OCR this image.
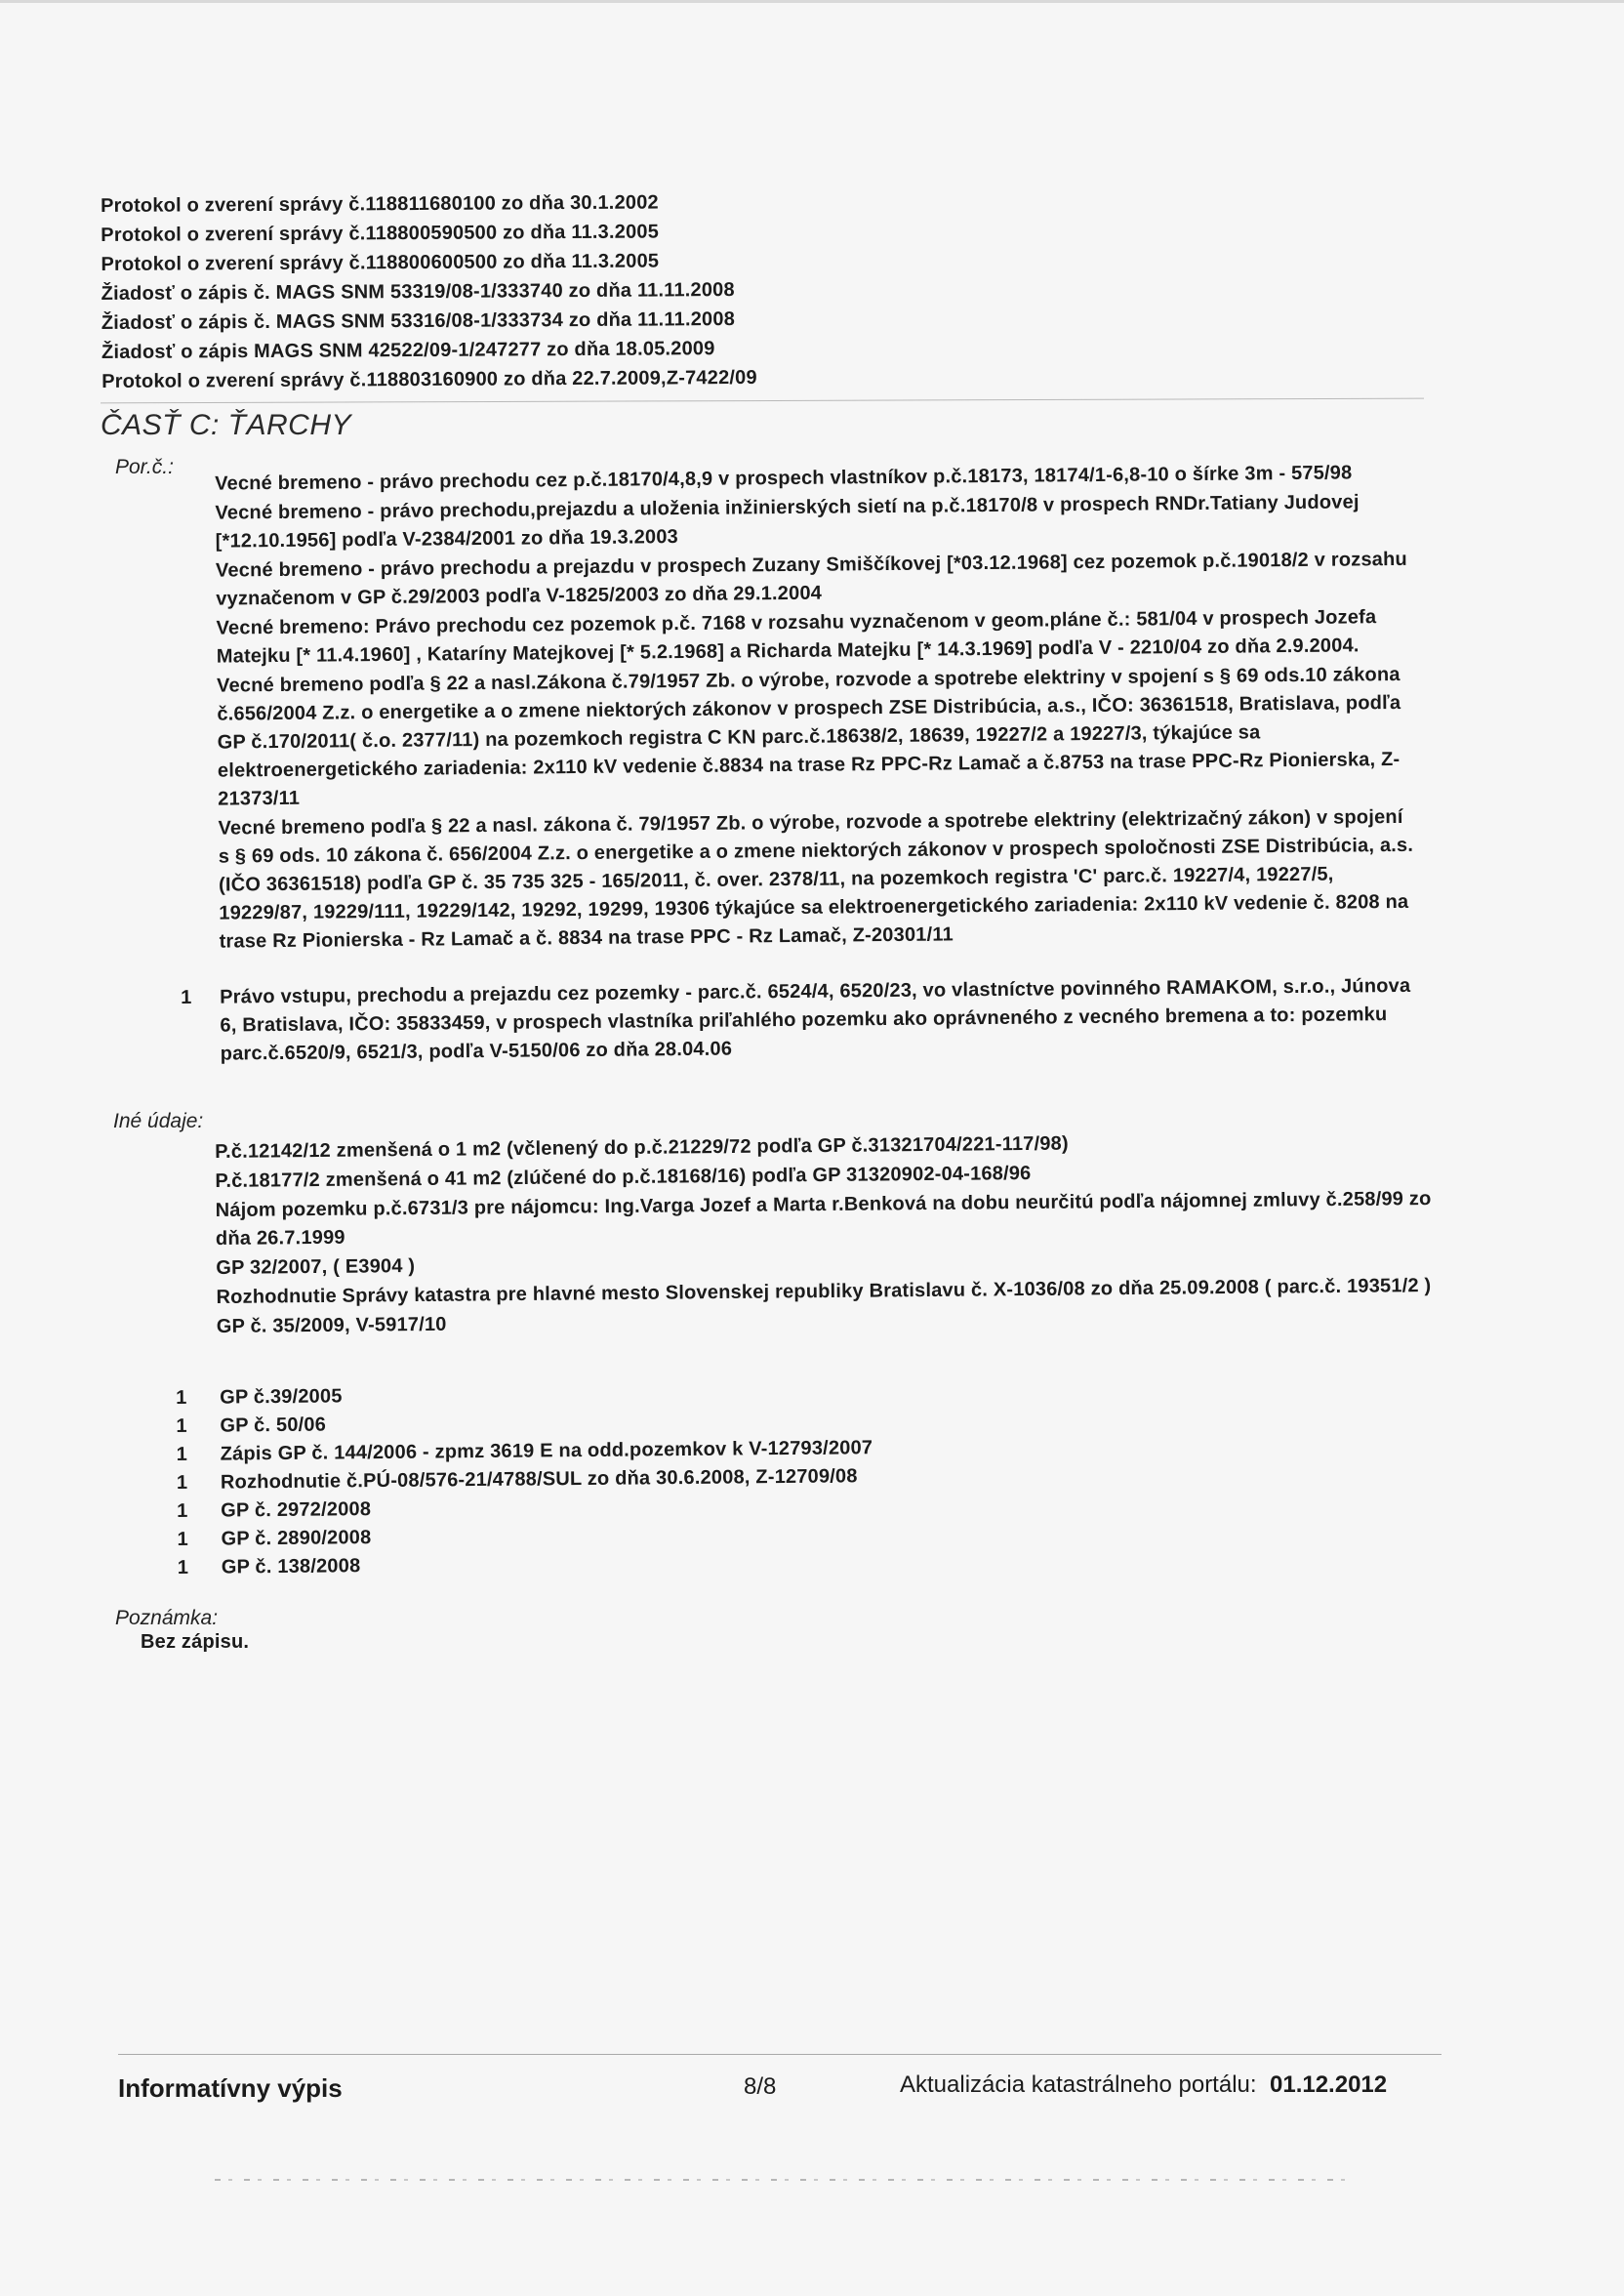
Protokol o zverení správy č.118811680100 zo dňa 30.1.2002
Protokol o zverení správy č.118800590500 zo dňa 11.3.2005
Protokol o zverení správy č.118800600500 zo dňa 11.3.2005
Žiadosť o zápis č. MAGS SNM 53319/08-1/333740 zo dňa 11.11.2008
Žiadosť o zápis č. MAGS SNM 53316/08-1/333734 zo dňa 11.11.2008
Žiadosť o zápis MAGS SNM 42522/09-1/247277 zo dňa 18.05.2009
Protokol o zverení správy č.118803160900 zo dňa 22.7.2009,Z-7422/09
ČASŤ C: ŤARCHY
Por.č.: Vecné bremeno - právo prechodu cez p.č.18170/4,8,9 v prospech vlastníkov p.č.18173, 18174/1-6,8-10 o šírke 3m - 575/98
Vecné bremeno - právo prechodu,prejazdu a uloženia inžinierských sietí na p.č.18170/8 v prospech RNDr.Tatiany Judovej [*12.10.1956] podľa V-2384/2001 zo dňa 19.3.2003
Vecné bremeno - právo prechodu a prejazdu v prospech Zuzany Smiščíkovej [*03.12.1968] cez pozemok p.č.19018/2 v rozsahu vyznačenom v GP č.29/2003 podľa V-1825/2003 zo dňa 29.1.2004
Vecné bremeno: Právo prechodu cez pozemok p.č. 7168 v rozsahu vyznačenom v geom.pláne č.: 581/04 v prospech Jozefa Matejku [* 11.4.1960] , Kataríny Matejkovej [* 5.2.1968] a Richarda Matejku [* 14.3.1969] podľa V - 2210/04 zo dňa 2.9.2004.
Vecné bremeno podľa § 22 a nasl.Zákona č.79/1957 Zb. o výrobe, rozvode a spotrebe elektriny v spojení s § 69 ods.10 zákona č.656/2004 Z.z. o energetike a o zmene niektorých zákonov v prospech ZSE Distribúcia, a.s., IČO: 36361518, Bratislava, podľa GP č.170/2011( č.o. 2377/11) na pozemkoch registra C KN parc.č.18638/2, 18639, 19227/2 a 19227/3, týkajúce sa elektroenergetického zariadenia: 2x110 kV vedenie č.8834 na trase Rz PPC-Rz Lamač a č.8753 na trase PPC-Rz Pionierska, Z-21373/11
Vecné bremeno podľa § 22 a nasl. zákona č. 79/1957 Zb. o výrobe, rozvode a spotrebe elektriny (elektrizačný zákon) v spojení s § 69 ods. 10 zákona č. 656/2004 Z.z. o energetike a o zmene niektorých zákonov v prospech spoločnosti ZSE Distribúcia, a.s. (IČO 36361518) podľa GP č. 35 735 325 - 165/2011, č. over. 2378/11, na pozemkoch registra 'C' parc.č. 19227/4, 19227/5, 19229/87, 19229/111, 19229/142, 19292, 19299, 19306 týkajúce sa elektroenergetického zariadenia: 2x110 kV vedenie č. 8208 na trase Rz Pionierska - Rz Lamač a č. 8834 na trase PPC - Rz Lamač, Z-20301/11
1	Právo vstupu, prechodu a prejazdu cez pozemky - parc.č. 6524/4, 6520/23, vo vlastníctve povinného RAMAKOM, s.r.o., Júnova 6, Bratislava, IČO: 35833459, v prospech vlastníka priľahlého pozemku ako oprávneného z vecného bremena a to: pozemku parc.č.6520/9, 6521/3, podľa V-5150/06 zo dňa 28.04.06
Iné údaje:
P.č.12142/12 zmenšená o 1 m2 (včlenený do p.č.21229/72 podľa GP č.31321704/221-117/98)
P.č.18177/2 zmenšená o 41 m2 (zlúčené do p.č.18168/16) podľa GP 31320902-04-168/96
Nájom pozemku p.č.6731/3 pre nájomcu: Ing.Varga Jozef a Marta r.Benková na dobu neurčitú podľa nájomnej zmluvy č.258/99 zo dňa 26.7.1999
GP 32/2007, ( E3904 )
Rozhodnutie Správy katastra pre hlavné mesto Slovenskej republiky Bratislavu č. X-1036/08 zo dňa 25.09.2008 ( parc.č. 19351/2 )
GP č. 35/2009, V-5917/10
1	GP č.39/2005
1	GP č. 50/06
1	Zápis GP č. 144/2006 - zpmz 3619 E na odd.pozemkov k V-12793/2007
1	Rozhodnutie č.PÚ-08/576-21/4788/SUL zo dňa 30.6.2008, Z-12709/08
1	GP č. 2972/2008
1	GP č. 2890/2008
1	GP č. 138/2008
Poznámka:
Bez zápisu.
Informatívny výpis	8/8	Aktualizácia katastrálneho portálu: 01.12.2012
